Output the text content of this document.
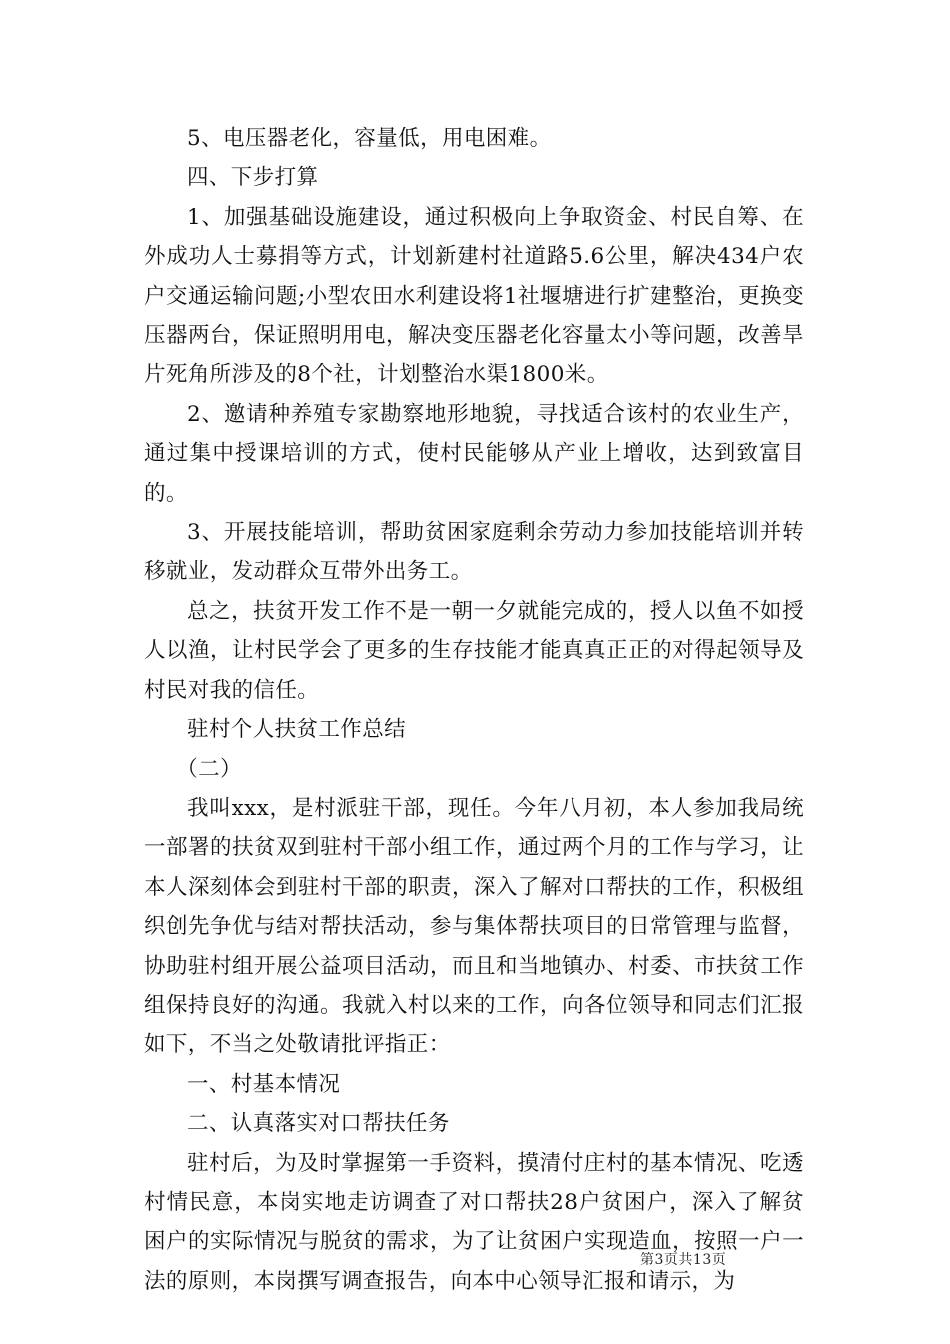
5、电压器老化，容量低，用电困难。

四、下步打算

1、加强基础设施建设，通过积极向上争取资金、村民自筹、在外成功人士募捐等方式，计划新建村社道路5.6公里，解决434户农户交通运输问题;小型农田水利建设将1社堰塘进行扩建整治，更换变压器两台，保证照明用电，解决变压器老化容量太小等问题，改善旱片死角所涉及的8个社，计划整治水渠1800米。

2、邀请种养殖专家勘察地形地貌，寻找适合该村的农业生产，通过集中授课培训的方式，使村民能够从产业上增收，达到致富目的。

3、开展技能培训，帮助贫困家庭剩余劳动力参加技能培训并转移就业，发动群众互带外出务工。

总之，扶贫开发工作不是一朝一夕就能完成的，授人以鱼不如授人以渔，让村民学会了更多的生存技能才能真真正正的对得起领导及村民对我的信任。

驻村个人扶贫工作总结

（二）

我叫xxx，是村派驻干部，现任。今年八月初，本人参加我局统一部署的扶贫双到驻村干部小组工作，通过两个月的工作与学习，让本人深刻体会到驻村干部的职责，深入了解对口帮扶的工作，积极组织创先争优与结对帮扶活动，参与集体帮扶项目的日常管理与监督，协助驻村组开展公益项目活动，而且和当地镇办、村委、市扶贫工作组保持良好的沟通。我就入村以来的工作，向各位领导和同志们汇报如下，不当之处敬请批评指正：

一、村基本情况

二、认真落实对口帮扶任务

驻村后，为及时掌握第一手资料，摸清付庄村的基本情况、吃透村情民意，本岗实地走访调查了对口帮扶28户贫困户，深入了解贫困户的实际情况与脱贫的需求，为了让贫困户实现造血，按照一户一法的原则，本岗撰写调查报告，向本中心领导汇报和请示，为

第3页共13页
